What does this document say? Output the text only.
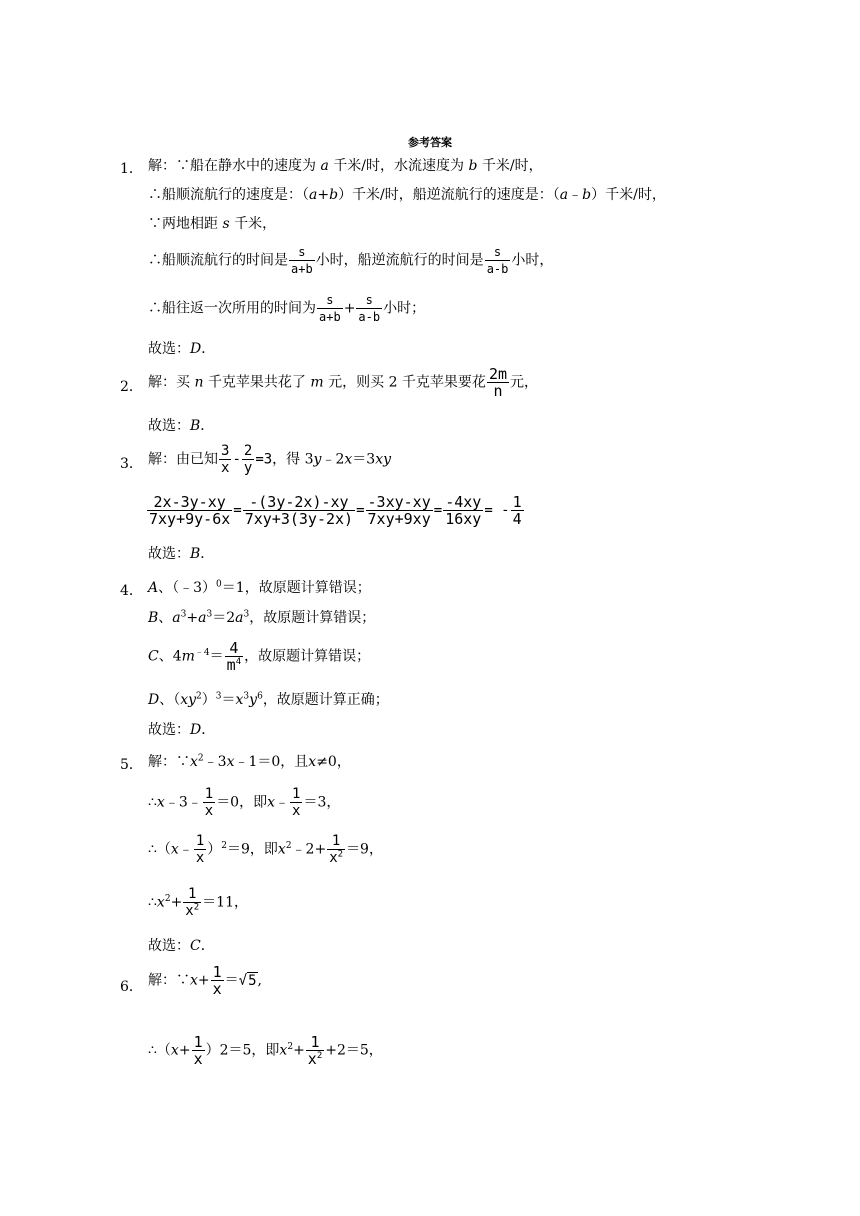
参考答案
1． 解：∵船在静水中的速度为 a 千米/时，水流速度为 b 千米/时，
∴船顺流航行的速度是：（a+b）千米/时，船逆流航行的速度是：（a﹣b）千米/时，
∵两地相距 s 千米，
∴船顺流航行的时间是 $\frac{s}{a+b}$ 小时，船逆流航行的时间是 $\frac{s}{a-b}$ 小时，
∴船往返一次所用的时间为 $\frac{s}{a+b} + \frac{s}{a-b}$ 小时；
故选：D．
2． 解：买 n 千克苹果共花了 m 元，则买 2 千克苹果要花 $\frac{2m}{n}$ 元，
故选：B．
3． 解：由已知 $\frac{3}{x} - \frac{2}{y} =3$，得 3y﹣2x＝3xy
$\frac{2x-3y-xy}{7xy+9y-6x} = \frac{-(3y-2x)-xy}{7xy+3(3y-2x)} = \frac{-3xy-xy}{7xy+9xy} = \frac{-4xy}{16xy}$ = - $\frac{1}{4}$
故选：B．
4． A、（﹣3）$^0$＝1，故原题计算错误；
B、$a^3+a^3=2a^3$，故原题计算错误；
C、$4m^{﹣4}= \frac{4}{m^4}$ ，故原题计算错误；
D、$(xy^2)^3=x^3y^6$，故原题计算正确；
故选：D．
5． 解：$\because x^2﹣3x﹣1=0$，且x≠0，
∴x﹣3﹣ $\frac{1}{x} =0$，即x﹣ $\frac{1}{x} =3$，
∴（x﹣ $\frac{1}{x} )^2=9$，即$x^2﹣2+ \frac{1}{x^2} =9$，
$\therefore x^2+ \frac{1}{x^2} =11$，
故选：C．
6． 解：∵x+ $\frac{1}{x} =√5$,
∴（x+ $\frac{1}{x} )2=5$，即$x^2+ \frac{1}{x^2} +2=5$，
